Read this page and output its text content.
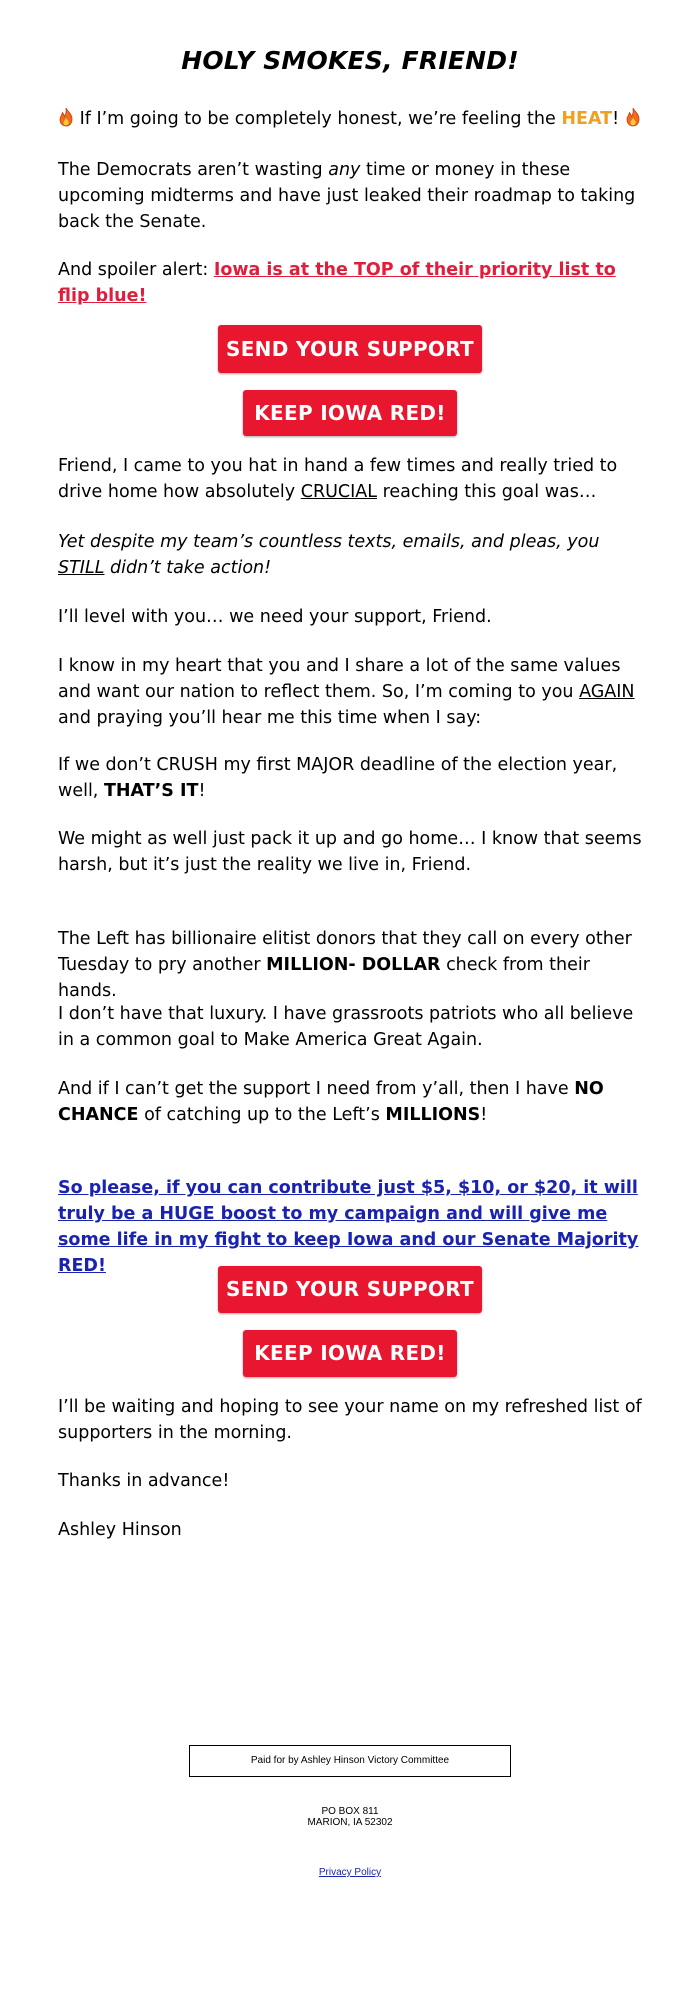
HOLY SMOKES, FRIEND!

If I’m going to be completely honest, we’re feeling the HEAT!

The Democrats aren’t wasting any time or money in these upcoming midterms and have just leaked their roadmap to taking back the Senate.

And spoiler alert: Iowa is at the TOP of their priority list to flip blue!

SEND YOUR SUPPORT
KEEP IOWA RED!

Friend, I came to you hat in hand a few times and really tried to drive home how absolutely CRUCIAL reaching this goal was…

Yet despite my team’s countless texts, emails, and pleas, you STILL didn’t take action!

I’ll level with you… we need your support, Friend.

I know in my heart that you and I share a lot of the same values and want our nation to reflect them. So, I’m coming to you AGAIN and praying you’ll hear me this time when I say:

If we don’t CRUSH my first MAJOR deadline of the election year, well, THAT’S IT!

We might as well just pack it up and go home… I know that seems harsh, but it’s just the reality we live in, Friend.

The Left has billionaire elitist donors that they call on every other Tuesday to pry another MILLION- DOLLAR check from their hands.

I don’t have that luxury. I have grassroots patriots who all believe in a common goal to Make America Great Again.

And if I can’t get the support I need from y’all, then I have NO CHANCE of catching up to the Left’s MILLIONS!

So please, if you can contribute just $5, $10, or $20, it will truly be a HUGE boost to my campaign and will give me some life in my fight to keep Iowa and our Senate Majority RED!

SEND YOUR SUPPORT
KEEP IOWA RED!

I’ll be waiting and hoping to see your name on my refreshed list of supporters in the morning.

Thanks in advance!

Ashley Hinson

Paid for by Ashley Hinson Victory Committee
PO BOX 811
MARION, IA 52302
Privacy Policy
